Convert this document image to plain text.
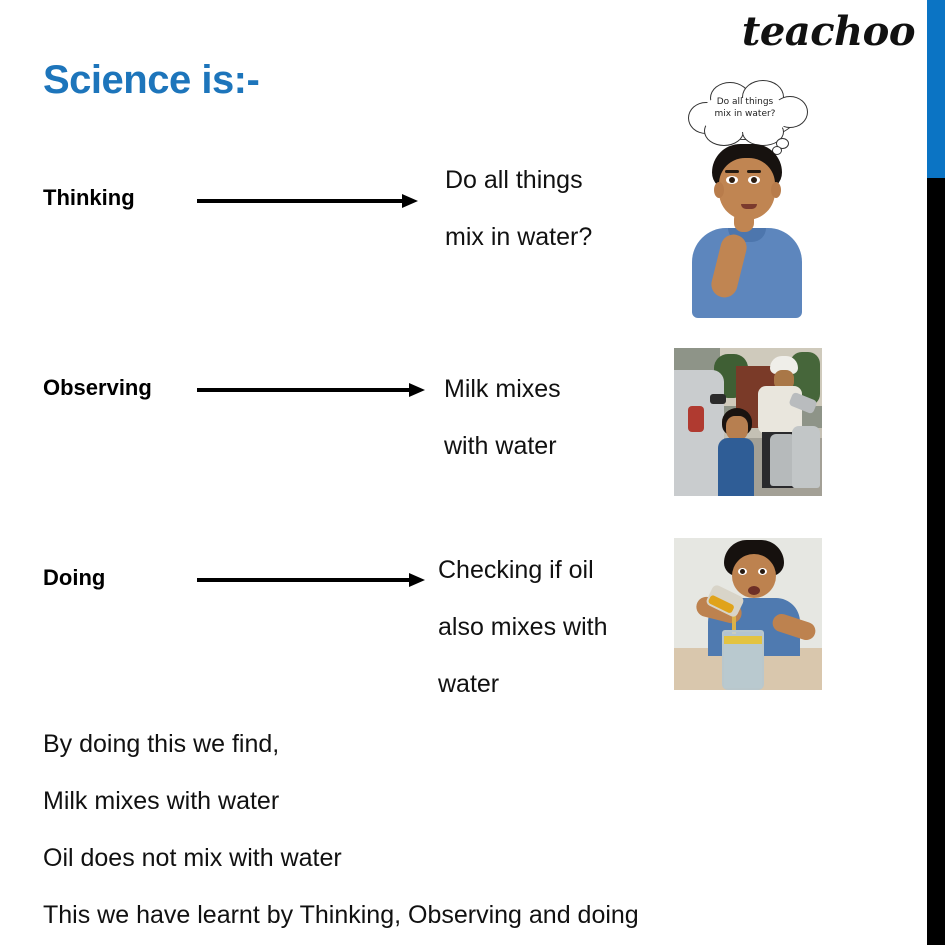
teachoo
Science is:-
Thinking
Do all things
mix in water?
Do all things
mix in water?
Observing	Milk mixes
with water
Doing	Checking if oil
also mixes with
water
By doing this we find,
Milk mixes with water
Oil does not mix with water
This we have learnt by Thinking, Observing and doing
